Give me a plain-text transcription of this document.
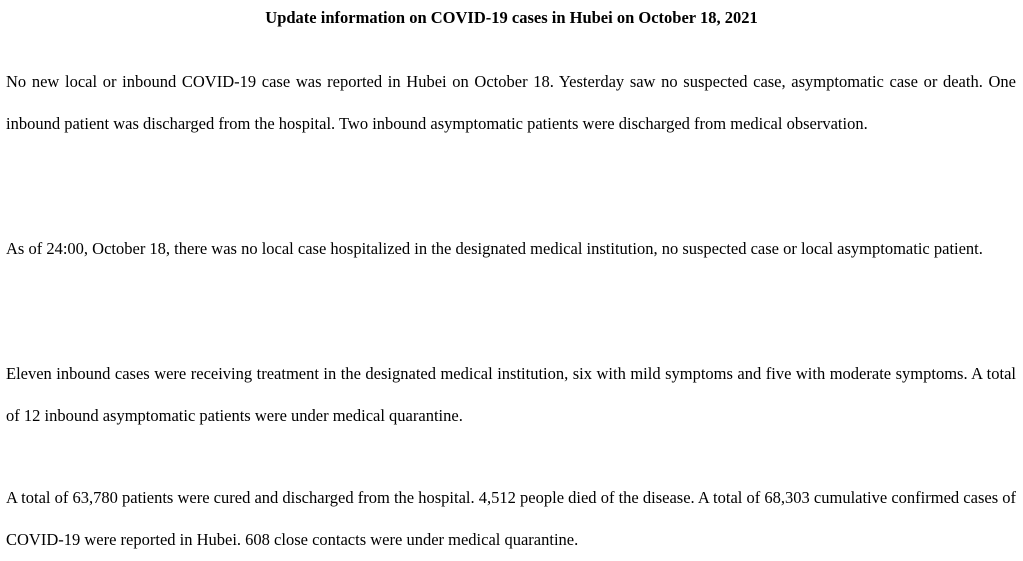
Update information on COVID-19 cases in Hubei on October 18, 2021

No new local or inbound COVID-19 case was reported in Hubei on October 18. Yesterday saw no suspected case, asymptomatic case or death. One inbound patient was discharged from the hospital. Two inbound asymptomatic patients were discharged from medical observation.

As of 24:00, October 18, there was no local case hospitalized in the designated medical institution, no suspected case or local asymptomatic patient.

Eleven inbound cases were receiving treatment in the designated medical institution, six with mild symptoms and five with moderate symptoms. A total of 12 inbound asymptomatic patients were under medical quarantine.

A total of 63,780 patients were cured and discharged from the hospital. 4,512 people died of the disease. A total of 68,303 cumulative confirmed cases of COVID-19 were reported in Hubei. 608 close contacts were under medical quarantine.
